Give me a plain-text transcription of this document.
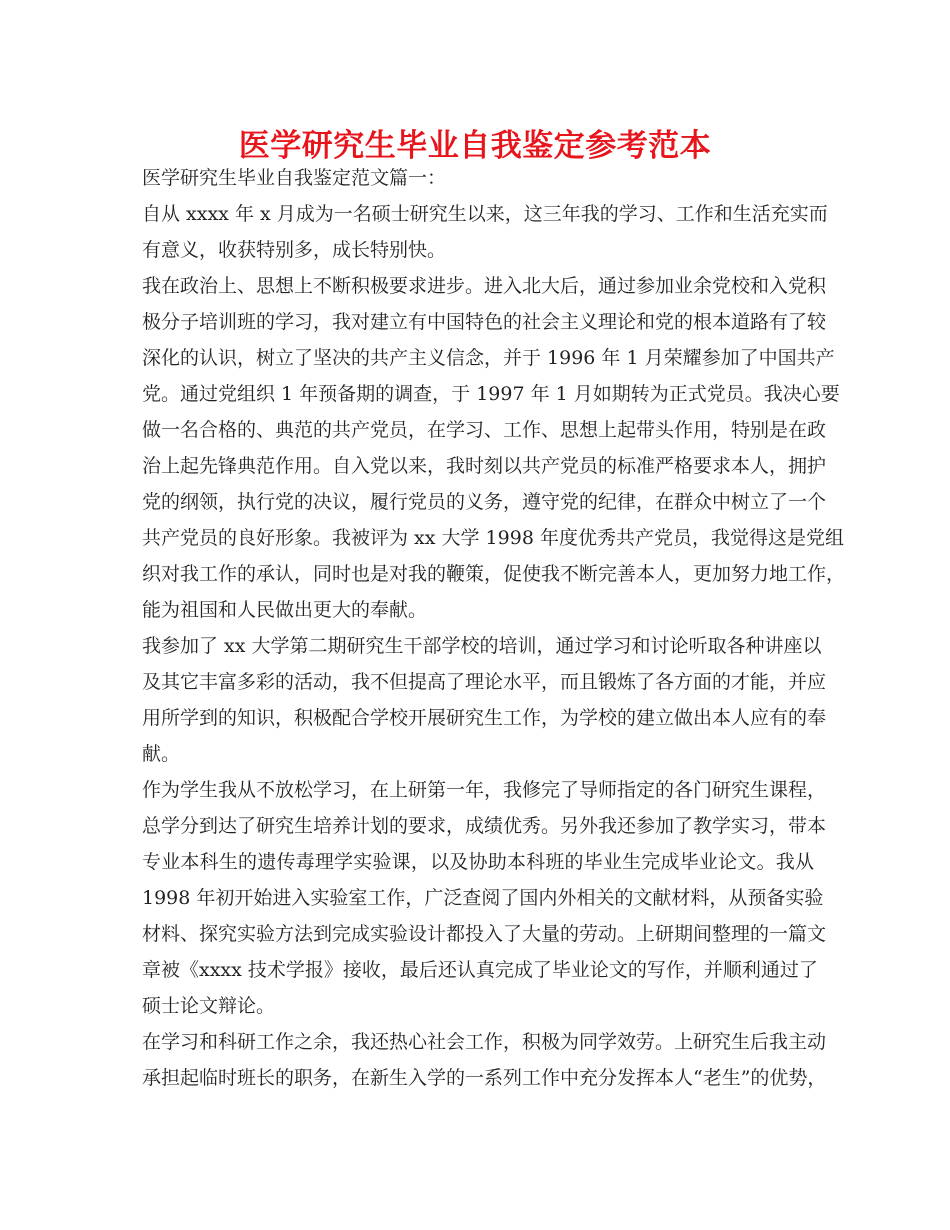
医学研究生毕业自我鉴定参考范本
医学研究生毕业自我鉴定范文篇一：
自从 xxxx 年 x 月成为一名硕士研究生以来，这三年我的学习、工作和生活充实而
有意义，收获特别多，成长特别快。
我在政治上、思想上不断积极要求进步。进入北大后，通过参加业余党校和入党积
极分子培训班的学习，我对建立有中国特色的社会主义理论和党的根本道路有了较
深化的认识，树立了坚决的共产主义信念，并于 1996 年 1 月荣耀参加了中国共产
党。通过党组织 1 年预备期的调查，于 1997 年 1 月如期转为正式党员。我决心要
做一名合格的、典范的共产党员，在学习、工作、思想上起带头作用，特别是在政
治上起先锋典范作用。自入党以来，我时刻以共产党员的标准严格要求本人，拥护
党的纲领，执行党的决议，履行党员的义务，遵守党的纪律，在群众中树立了一个
共产党员的良好形象。我被评为 xx 大学 1998 年度优秀共产党员，我觉得这是党组
织对我工作的承认，同时也是对我的鞭策，促使我不断完善本人，更加努力地工作，
能为祖国和人民做出更大的奉献。
我参加了 xx 大学第二期研究生干部学校的培训，通过学习和讨论听取各种讲座以
及其它丰富多彩的活动，我不但提高了理论水平，而且锻炼了各方面的才能，并应
用所学到的知识，积极配合学校开展研究生工作，为学校的建立做出本人应有的奉
献。
作为学生我从不放松学习，在上研第一年，我修完了导师指定的各门研究生课程，
总学分到达了研究生培养计划的要求，成绩优秀。另外我还参加了教学实习，带本
专业本科生的遗传毒理学实验课，以及协助本科班的毕业生完成毕业论文。我从
1998 年初开始进入实验室工作，广泛查阅了国内外相关的文献材料，从预备实验
材料、探究实验方法到完成实验设计都投入了大量的劳动。上研期间整理的一篇文
章被《xxxx 技术学报》接收，最后还认真完成了毕业论文的写作，并顺利通过了
硕士论文辩论。
在学习和科研工作之余，我还热心社会工作，积极为同学效劳。上研究生后我主动
承担起临时班长的职务，在新生入学的一系列工作中充分发挥本人“老生”的优势，
